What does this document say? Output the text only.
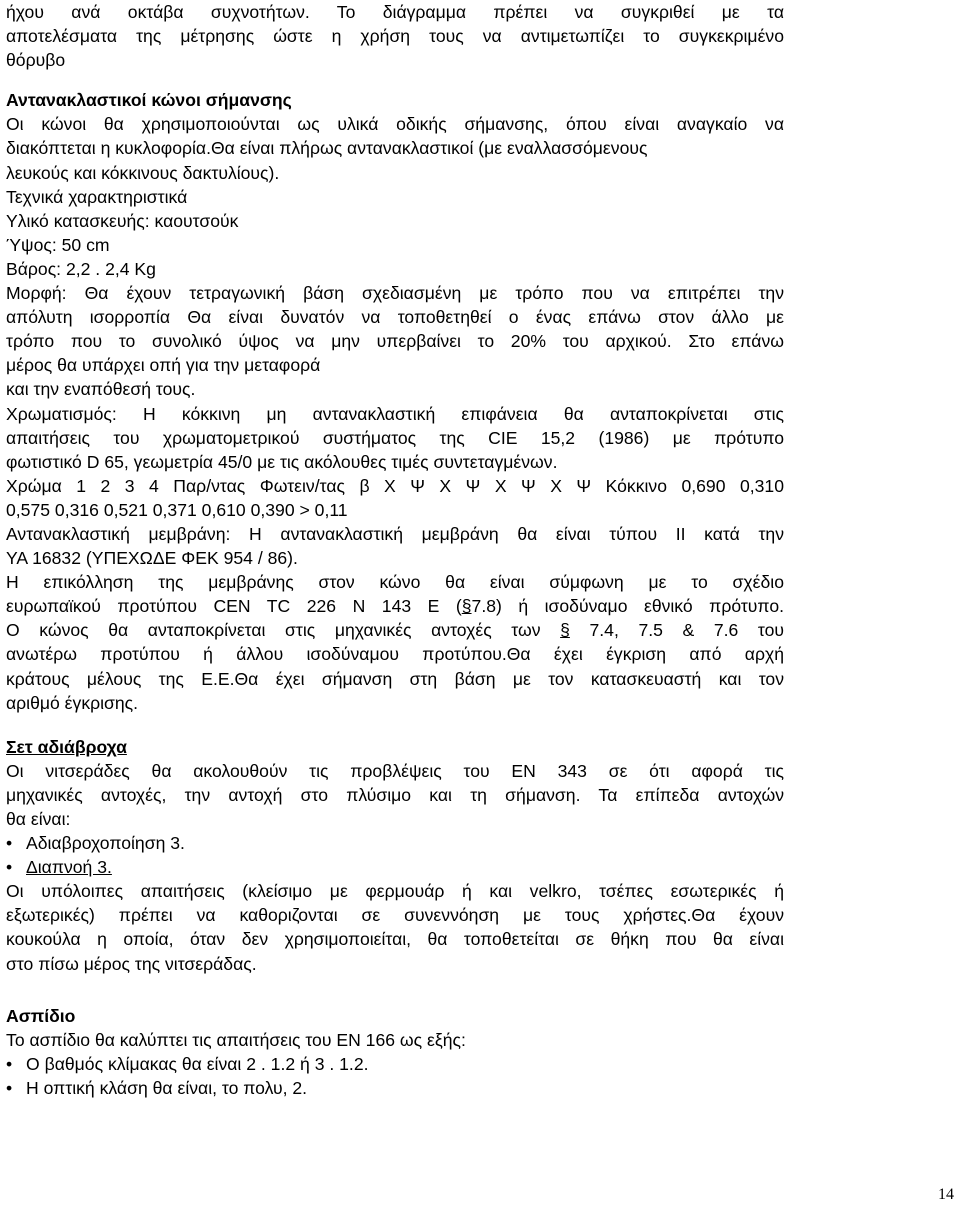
ήχου ανά οκτάβα συχνοτήτων. Το διάγραμμα πρέπει να συγκριθεί με τα
αποτελέσματα της μέτρησης ώστε η χρήση τους να αντιμετωπίζει το συγκεκριμένο
θόρυβο
Αντανακλαστικοί κώνοι σήμανσης
Οι κώνοι θα χρησιμοποιούνται ως υλικά οδικής σήμανσης, όπου είναι αναγκαίο να
διακόπτεται η κυκλοφορία.Θα είναι πλήρως αντανακλαστικοί (με εναλλασσόμενους
λευκούς και κόκκινους δακτυλίους).
Τεχνικά χαρακτηριστικά
Υλικό κατασκευής: καουτσούκ
Ύψος: 50 cm
Βάρος: 2,2 . 2,4 Kg
Μορφή: Θα έχουν τετραγωνική βάση σχεδιασμένη με τρόπο που να επιτρέπει την
απόλυτη ισορροπία Θα είναι δυνατόν να τοποθετηθεί ο ένας επάνω στον άλλο με
τρόπο που το συνολικό ύψος να μην υπερβαίνει το 20% του αρχικού. Στο επάνω
μέρος θα υπάρχει οπή για την μεταφορά
και την εναπόθεσή τους.
Χρωματισμός: Η κόκκινη μη αντανακλαστική επιφάνεια θα ανταποκρίνεται στις
απαιτήσεις του χρωματομετρικού συστήματος της CIE 15,2 (1986) με πρότυπο
φωτιστικό D 65, γεωμετρία 45/0 με τις ακόλουθες τιμές συντεταγμένων.
Χρώμα 1 2 3 4 Παρ/ντας Φωτειν/τας β Χ Ψ Χ Ψ Χ Ψ Χ Ψ Κόκκινο 0,690 0,310
0,575 0,316 0,521 0,371 0,610 0,390 > 0,11
Αντανακλαστική μεμβράνη: Η αντανακλαστική μεμβράνη θα είναι τύπου ΙΙ κατά την
ΥΑ 16832 (ΥΠΕΧΩΔΕ ΦΕΚ 954 / 86).
Η επικόλληση της μεμβράνης στον κώνο θα είναι σύμφωνη με το σχέδιο
ευρωπαϊκού προτύπου CEN TC 226 N 143 E (§7.8) ή ισοδύναμο εθνικό πρότυπο.
Ο κώνος θα ανταποκρίνεται στις μηχανικές αντοχές των § 7.4, 7.5 & 7.6 του
ανωτέρω προτύπου ή άλλου ισοδύναμου προτύπου.Θα έχει έγκριση από αρχή
κράτους μέλους της Ε.Ε.Θα έχει σήμανση στη βάση με τον κατασκευαστή και τον
αριθμό έγκρισης.
Σετ αδιάβροχα
Οι νιτσεράδες θα ακολουθούν τις προβλέψεις του EN 343 σε ότι αφορά τις
μηχανικές αντοχές, την αντοχή στο πλύσιμο και τη σήμανση. Τα επίπεδα αντοχών
θα είναι:
• Αδιαβροχοποίηση 3.
• Διαπνοή 3.
Οι υπόλοιπες απαιτήσεις (κλείσιμο με φερμουάρ ή και velkro, τσέπες εσωτερικές ή
εξωτερικές) πρέπει να καθοριζονται σε συνεννόηση με τους χρήστες.Θα έχουν
κουκούλα η οποία, όταν δεν χρησιμοποιείται, θα τοποθετείται σε θήκη που θα είναι
στο πίσω μέρος της νιτσεράδας.
Ασπίδιο
Το ασπίδιο θα καλύπτει τις απαιτήσεις του EN 166 ως εξής:
• Ο βαθμός κλίμακας θα είναι 2 . 1.2 ή 3 . 1.2.
• Η οπτική κλάση θα είναι, το πολυ, 2.
14
